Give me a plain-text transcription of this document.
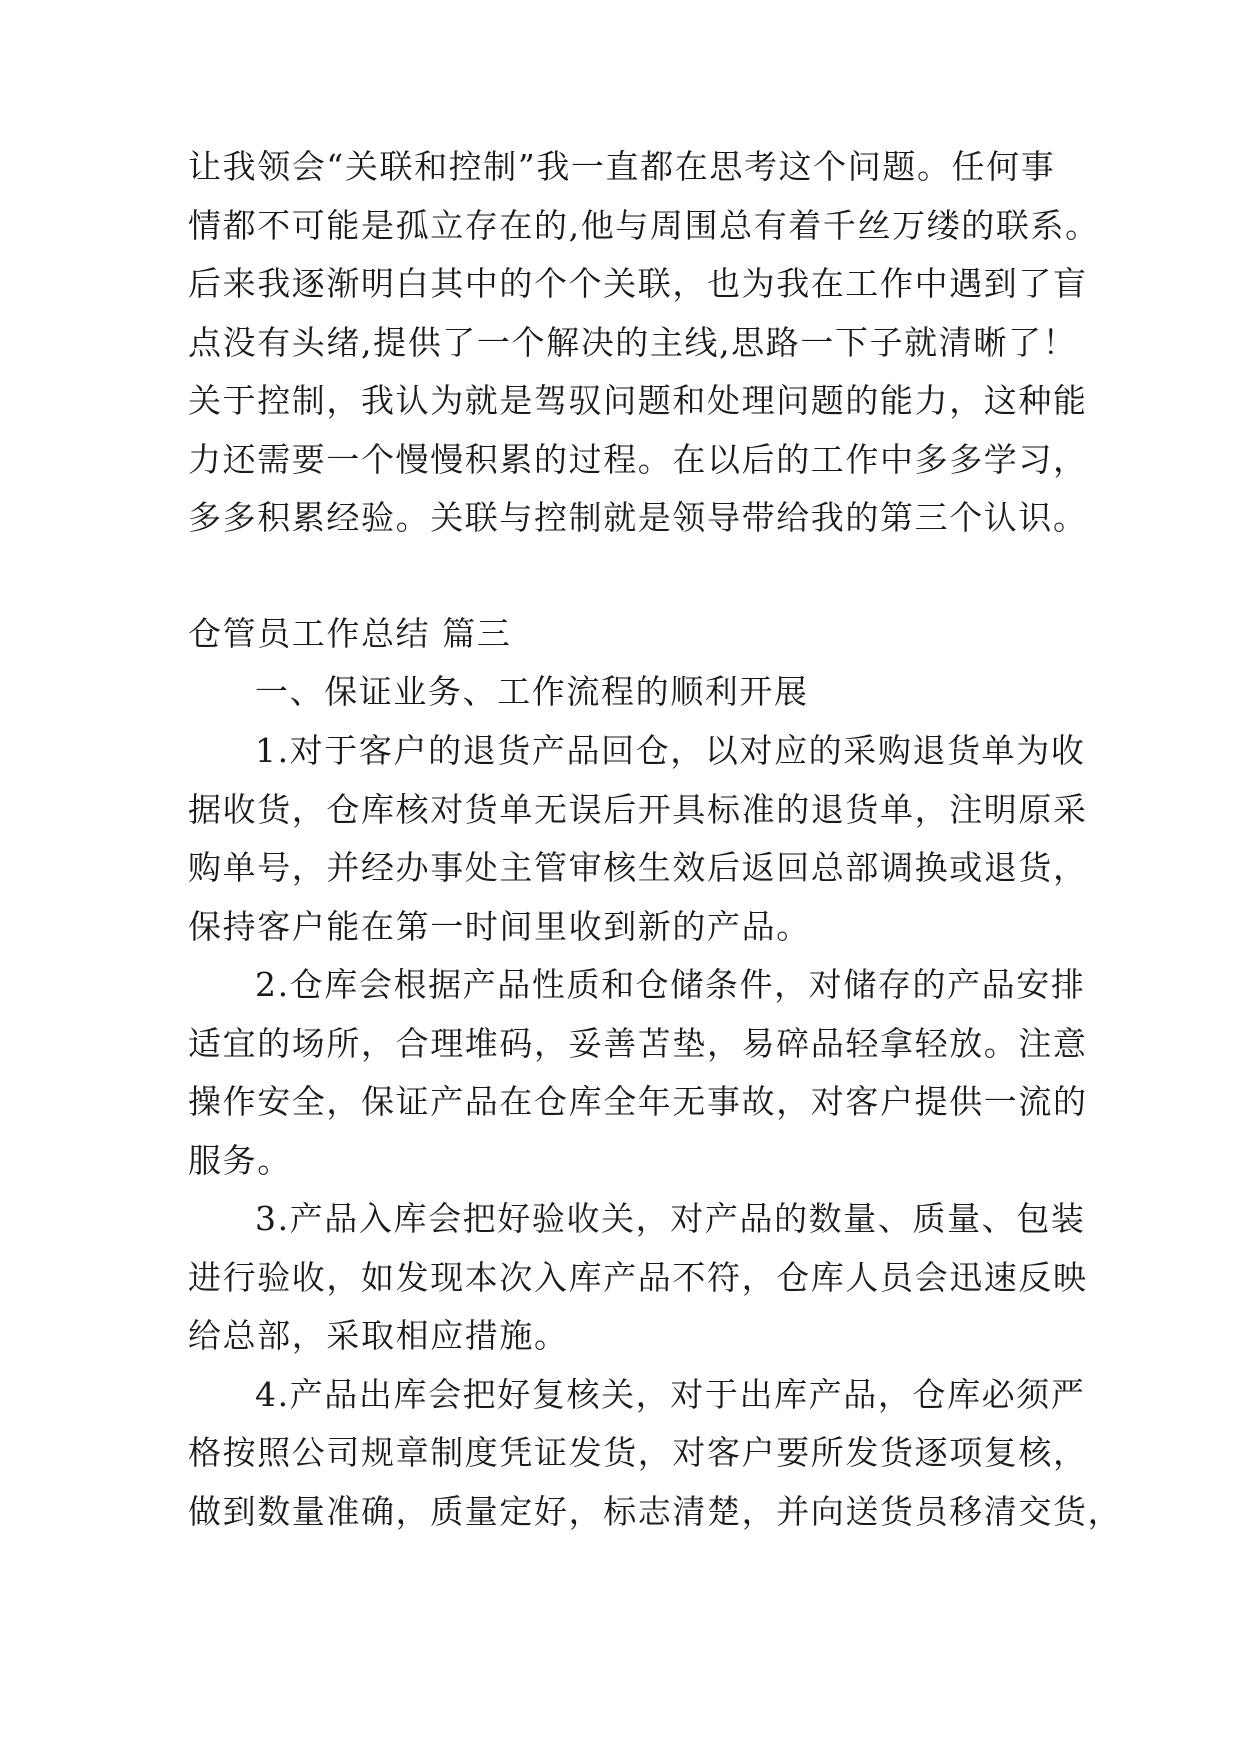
让我领会“关联和控制”我一直都在思考这个问题。任何事
情都不可能是孤立存在的,他与周围总有着千丝万缕的联系。
后来我逐渐明白其中的个个关联，也为我在工作中遇到了盲
点没有头绪,提供了一个解决的主线,思路一下子就清晰了！
关于控制，我认为就是驾驭问题和处理问题的能力，这种能
力还需要一个慢慢积累的过程。在以后的工作中多多学习，
多多积累经验。关联与控制就是领导带给我的第三个认识。
仓管员工作总结 篇三
一、保证业务、工作流程的顺利开展
1.对于客户的退货产品回仓，以对应的采购退货单为收
据收货，仓库核对货单无误后开具标准的退货单，注明原采
购单号，并经办事处主管审核生效后返回总部调换或退货，
保持客户能在第一时间里收到新的产品。
2.仓库会根据产品性质和仓储条件，对储存的产品安排
适宜的场所，合理堆码，妥善苫垫，易碎品轻拿轻放。注意
操作安全，保证产品在仓库全年无事故，对客户提供一流的
服务。
3.产品入库会把好验收关，对产品的数量、质量、包装
进行验收，如发现本次入库产品不符，仓库人员会迅速反映
给总部，采取相应措施。
4.产品出库会把好复核关，对于出库产品，仓库必须严
格按照公司规章制度凭证发货，对客户要所发货逐项复核，
做到数量准确，质量定好，标志清楚，并向送货员移清交货，
